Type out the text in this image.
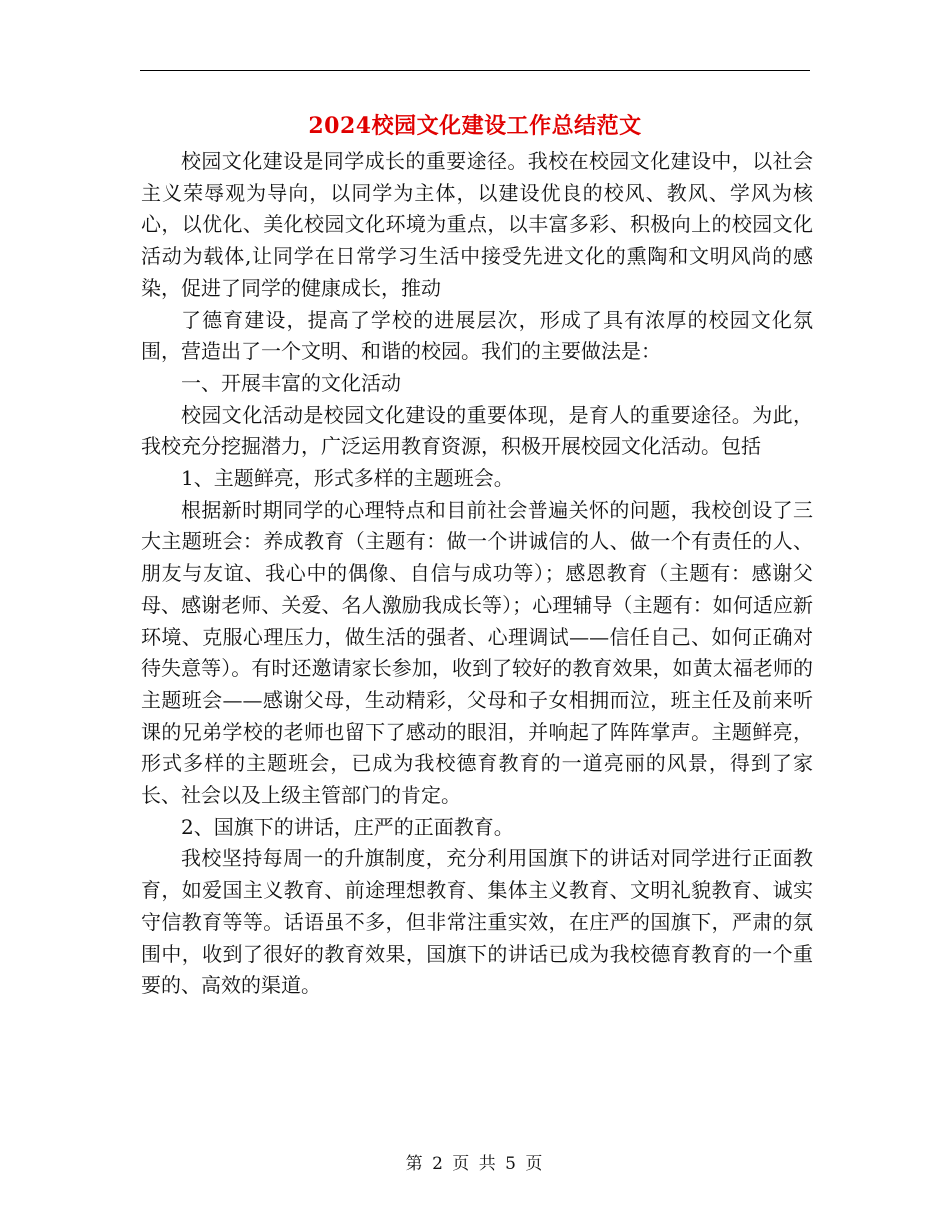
2024校园文化建设工作总结范文

校园文化建设是同学成长的重要途径。我校在校园文化建设中，以社会主义荣辱观为导向，以同学为主体，以建设优良的校风、教风、学风为核心，以优化、美化校园文化环境为重点，以丰富多彩、积极向上的校园文化活动为载体,让同学在日常学习生活中接受先进文化的熏陶和文明风尚的感染，促进了同学的健康成长，推动

了德育建设，提高了学校的进展层次，形成了具有浓厚的校园文化氛围，营造出了一个文明、和谐的校园。我们的主要做法是：

一、开展丰富的文化活动

校园文化活动是校园文化建设的重要体现，是育人的重要途径。为此，我校充分挖掘潜力，广泛运用教育资源，积极开展校园文化活动。包括

1、主题鲜亮，形式多样的主题班会。

根据新时期同学的心理特点和目前社会普遍关怀的问题，我校创设了三大主题班会：养成教育（主题有：做一个讲诚信的人、做一个有责任的人、朋友与友谊、我心中的偶像、自信与成功等）；感恩教育（主题有：感谢父母、感谢老师、关爱、名人激励我成长等）；心理辅导（主题有：如何适应新环境、克服心理压力，做生活的强者、心理调试——信任自己、如何正确对待失意等）。有时还邀请家长参加，收到了较好的教育效果，如黄太福老师的主题班会——感谢父母，生动精彩，父母和子女相拥而泣，班主任及前来听课的兄弟学校的老师也留下了感动的眼泪，并响起了阵阵掌声。主题鲜亮，形式多样的主题班会，已成为我校德育教育的一道亮丽的风景，得到了家长、社会以及上级主管部门的肯定。

2、国旗下的讲话，庄严的正面教育。

我校坚持每周一的升旗制度，充分利用国旗下的讲话对同学进行正面教育，如爱国主义教育、前途理想教育、集体主义教育、文明礼貌教育、诚实守信教育等等。话语虽不多，但非常注重实效，在庄严的国旗下，严肃的氛围中，收到了很好的教育效果，国旗下的讲话已成为我校德育教育的一个重要的、高效的渠道。

第 2 页 共 5 页
